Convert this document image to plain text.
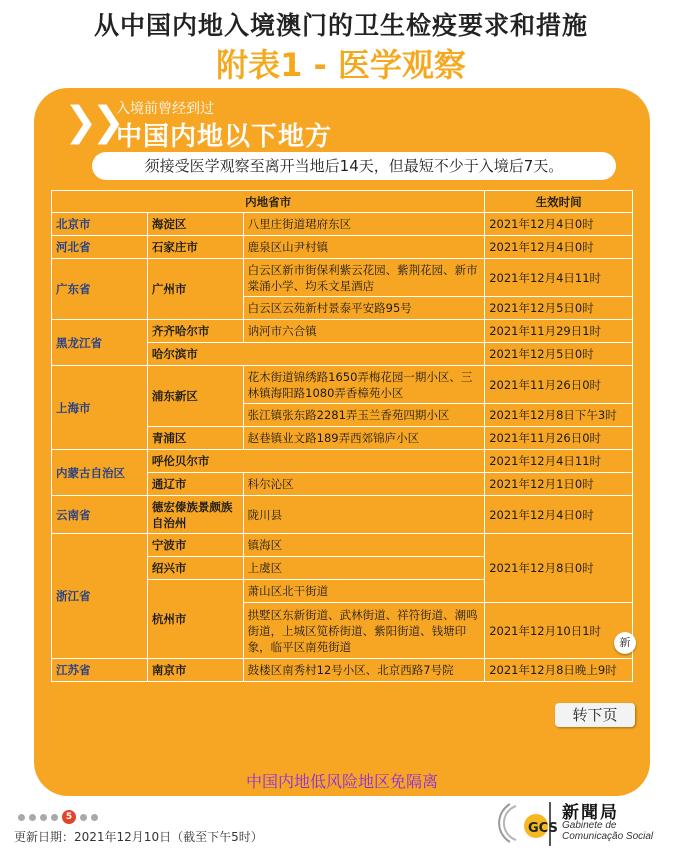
从中国内地入境澳门的卫生检疫要求和措施
附表1 - 医学观察
❯❯
入境前曾经到过
中国内地以下地方
须接受医学观察至离开当地后14天，但最短不少于入境后7天。
内地省市			生效时间
北京市	海淀区	八里庄街道珺府东区	2021年12月4日0时
河北省	石家庄市	鹿泉区山尹村镇	2021年12月4日0时
广东省	广州市	白云区新市街保利紫云花园、紫荆花园、新市棠涌小学、均禾文星酒店	2021年12月4日11时
		白云区云苑新村景泰平安路95号	2021年12月5日0时
黑龙江省	齐齐哈尔市	讷河市六合镇	2021年11月29日1时
	哈尔滨市		2021年12月5日0时
上海市	浦东新区	花木街道锦绣路1650弄梅花园一期小区、三林镇海阳路1080弄香樟苑小区	2021年11月26日0时
		张江镇张东路2281弄玉兰香苑四期小区	2021年12月8日下午3时
	青浦区	赵巷镇业文路189弄西郊锦庐小区	2021年11月26日0时
内蒙古自治区	呼伦贝尔市		2021年12月4日11时
	通辽市	科尔沁区	2021年12月1日0时
云南省	德宏傣族景颇族自治州	陇川县	2021年12月4日0时
浙江省	宁波市	镇海区	2021年12月8日0时
	绍兴市	上虞区	
	杭州市	萧山区北干街道	
		拱墅区东新街道、武林街道、祥符街道、潮鸣街道，上城区笕桥街道、紫阳街道、钱塘印象，临平区南苑街道	2021年12月10日1时
江苏省	南京市	鼓楼区南秀村12号小区、北京西路7号院	2021年12月8日晚上9时
新
转下页
中国内地低风险地区免隔离
5
更新日期：2021年12月10日（截至下午5时）
GCS
新聞局
Gabinete de
Comunicação Social
